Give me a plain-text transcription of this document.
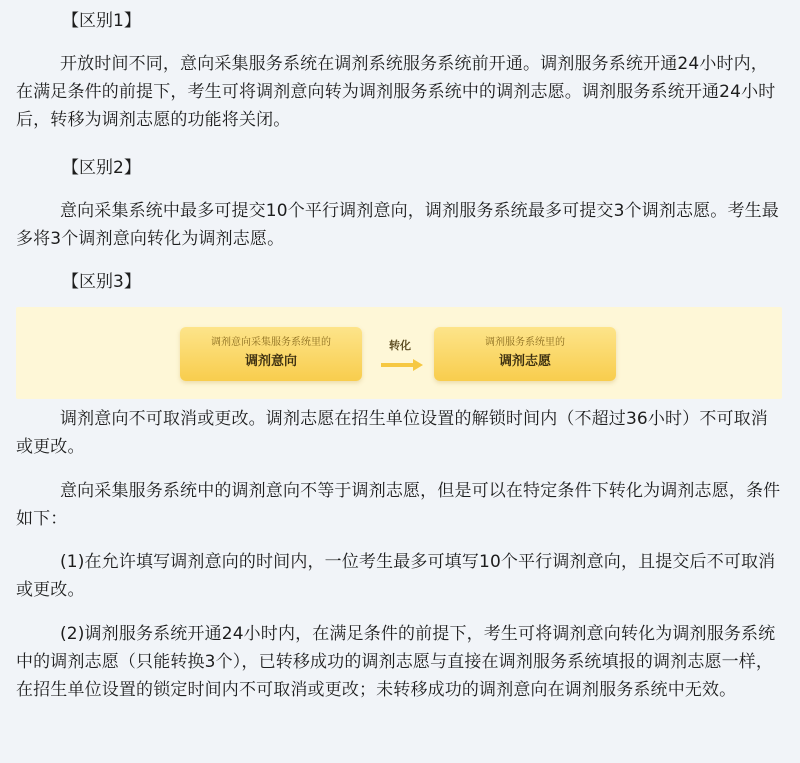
【区别1】

开放时间不同，意向采集服务系统在调剂系统服务系统前开通。调剂服务系统开通24小时内，在满足条件的前提下，考生可将调剂意向转为调剂服务系统中的调剂志愿。调剂服务系统开通24小时后，转移为调剂志愿的功能将关闭。

【区别2】

意向采集系统中最多可提交10个平行调剂意向，调剂服务系统最多可提交3个调剂志愿。考生最多将3个调剂意向转化为调剂志愿。

【区别3】

调剂意向采集服务系统里的
调剂意向
转化	调剂服务系统里的
调剂志愿

调剂意向不可取消或更改。调剂志愿在招生单位设置的解锁时间内（不超过36小时）不可取消或更改。

意向采集服务系统中的调剂意向不等于调剂志愿，但是可以在特定条件下转化为调剂志愿，条件如下：

(1)在允许填写调剂意向的时间内，一位考生最多可填写10个平行调剂意向，且提交后不可取消或更改。

(2)调剂服务系统开通24小时内，在满足条件的前提下，考生可将调剂意向转化为调剂服务系统中的调剂志愿（只能转换3个），已转移成功的调剂志愿与直接在调剂服务系统填报的调剂志愿一样，在招生单位设置的锁定时间内不可取消或更改；未转移成功的调剂意向在调剂服务系统中无效。
